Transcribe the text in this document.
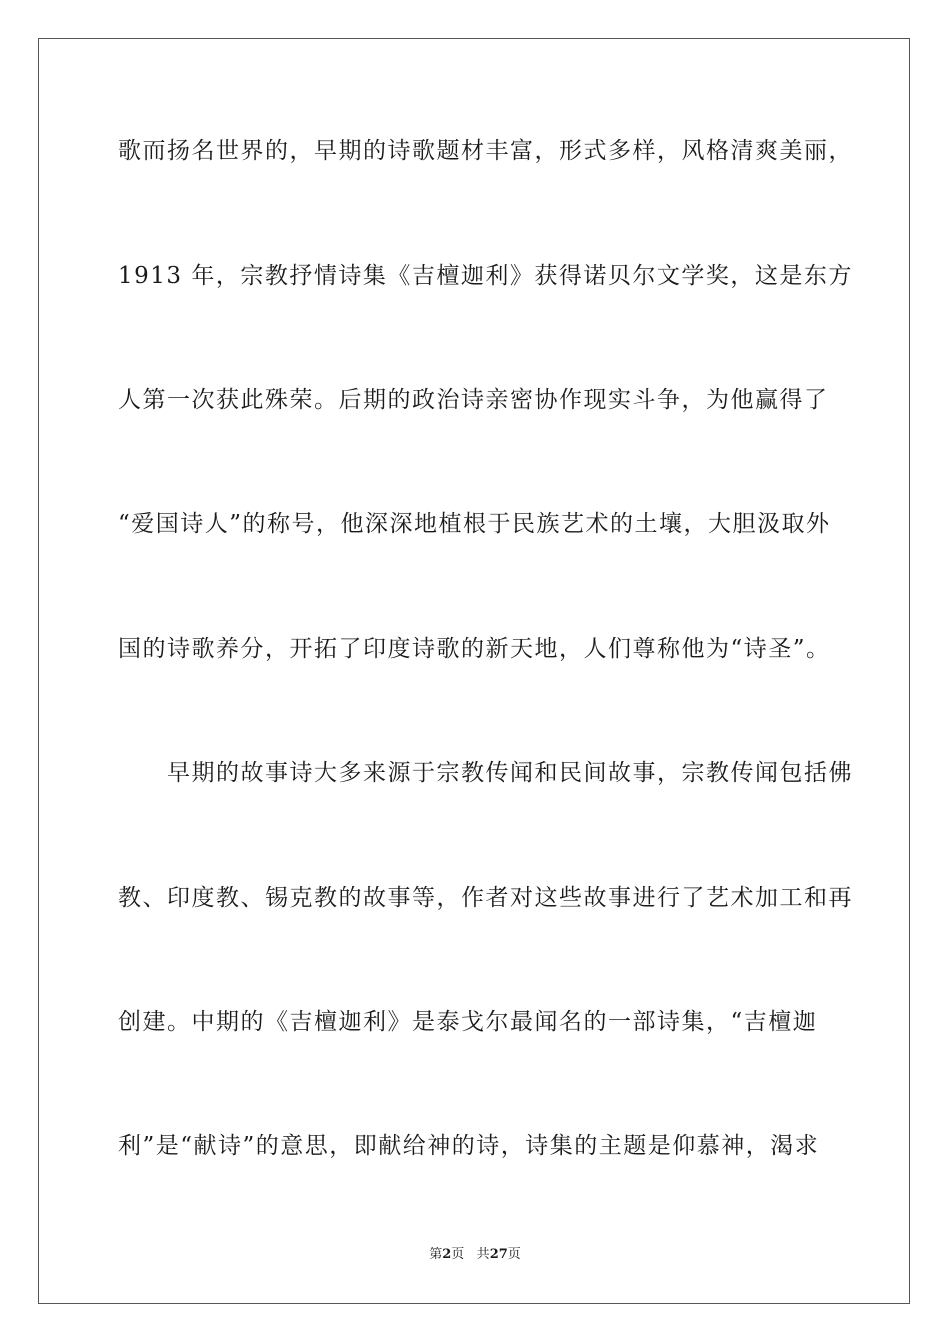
歌而扬名世界的，早期的诗歌题材丰富，形式多样，风格清爽美丽，
1913 年，宗教抒情诗集《吉檀迦利》获得诺贝尔文学奖，这是东方
人第一次获此殊荣。后期的政治诗亲密协作现实斗争，为他赢得了
“爱国诗人”的称号，他深深地植根于民族艺术的土壤，大胆汲取外
国的诗歌养分，开拓了印度诗歌的新天地，人们尊称他为“诗圣”。
　　早期的故事诗大多来源于宗教传闻和民间故事，宗教传闻包括佛
教、印度教、锡克教的故事等，作者对这些故事进行了艺术加工和再
创建。中期的《吉檀迦利》是泰戈尔最闻名的一部诗集，“吉檀迦
利”是“献诗”的意思，即献给神的诗，诗集的主题是仰慕神，渴求
第2页 共27页
